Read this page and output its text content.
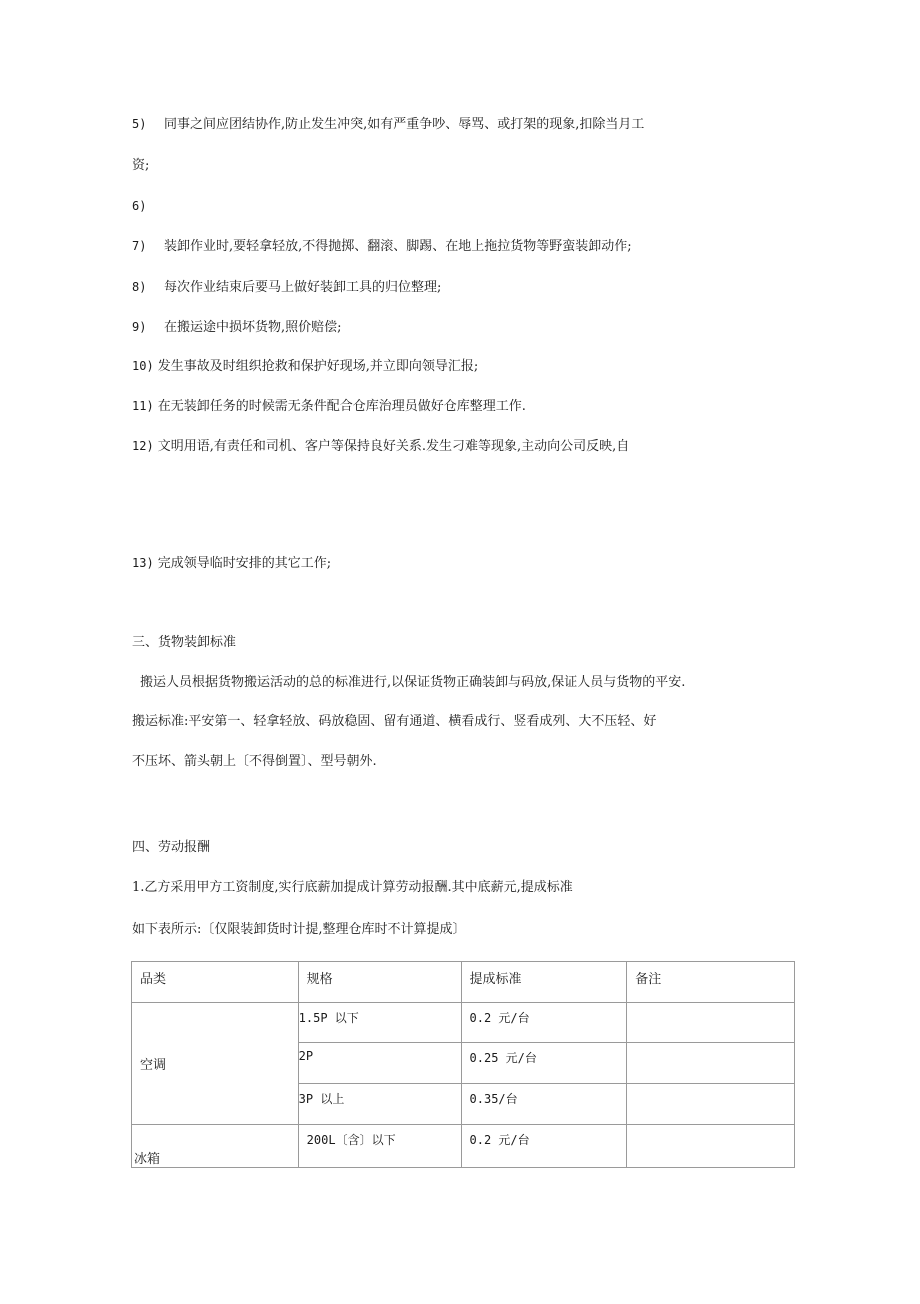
5) 同事之间应团结协作,防止发生冲突,如有严重争吵、辱骂、或打架的现象,扣除当月工
资;
6)
7) 装卸作业时,要轻拿轻放,不得抛掷、翻滚、脚踢、在地上拖拉货物等野蛮装卸动作;
8) 每次作业结束后要马上做好装卸工具的归位整理;
9) 在搬运途中损坏货物,照价赔偿;
10) 发生事故及时组织抢救和保护好现场,并立即向领导汇报;
11) 在无装卸任务的时候需无条件配合仓库治理员做好仓库整理工作.
12) 文明用语,有责任和司机、客户等保持良好关系.发生刁难等现象,主动向公司反映,自
13) 完成领导临时安排的其它工作;
三、货物装卸标准
搬运人员根据货物搬运活动的总的标准进行,以保证货物正确装卸与码放,保证人员与货物的平安.
搬运标准:平安第一、轻拿轻放、码放稳固、留有通道、横看成行、竖看成列、大不压轻、好
不压坏、箭头朝上〔不得倒置〕、型号朝外.
四、劳动报酬
1.乙方采用甲方工资制度,实行底薪加提成计算劳动报酬.其中底薪元,提成标准
如下表所示:〔仅限装卸货时计提,整理仓库时不计算提成〕
品类	规格	提成标准	备注

空调	1.5P 以下	0.2 元/台	

	2P	0.25 元/台	

	3P 以上	0.35/台	

冰箱	200L〔含〕以下	0.2 元/台	
